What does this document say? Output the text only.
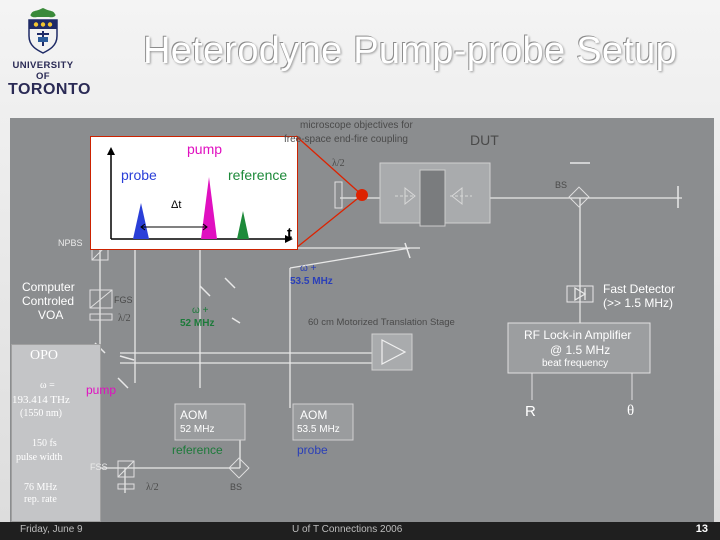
UNIVERSITY OF
TORONTO
Heterodyne Pump-probe Setup
pump
probe	reference
Δt
t
microscope objectives for
free-space end-fire coupling	DUT
λ/2
BS
NPBS
Computer
Controled
VOA
FGS
λ/2
ω +
53.5 MHz
ω +
52 MHz	60 cm Motorized Translation Stage
Fast Detector
(>> 1.5 MHz)
RF Lock-in Amplifier
@ 1.5 MHz
beat frequency
R	θ
OPO
ω =
193.414 THz
(1550 nm)
150 fs
pulse width
76 MHz
rep. rate
pump
AOM
52 MHz
AOM
53.5 MHz
reference	probe
FSS
λ/2	BS
Friday, June 9	U of T Connections 2006	13
